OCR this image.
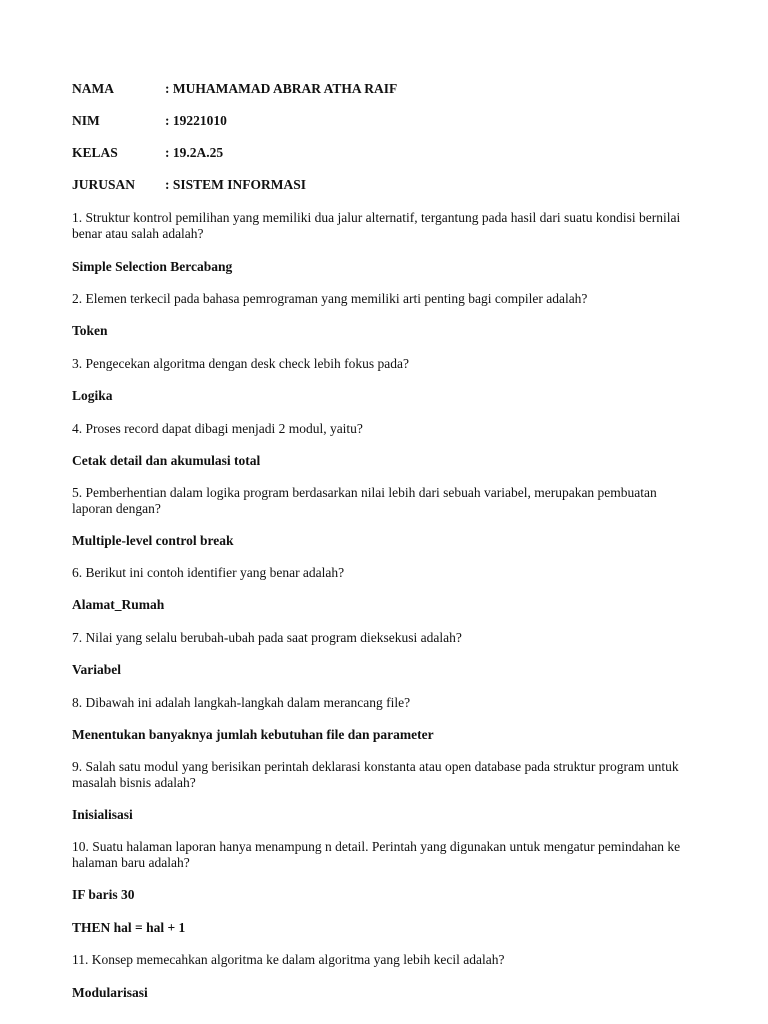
NAMA	: MUHAMAMAD ABRAR ATHA RAIF
NIM	: 19221010
KELAS	: 19.2A.25
JURUSAN : SISTEM INFORMASI
1. Struktur kontrol pemilihan yang memiliki dua jalur alternatif, tergantung pada hasil dari suatu kondisi bernilai benar atau salah adalah?
Simple Selection Bercabang
2. Elemen terkecil pada bahasa pemrograman yang memiliki arti penting bagi compiler adalah?
Token
3. Pengecekan algoritma dengan desk check lebih fokus pada?
Logika
4. Proses record dapat dibagi menjadi 2 modul, yaitu?
Cetak detail dan akumulasi total
5. Pemberhentian dalam logika program berdasarkan nilai lebih dari sebuah variabel, merupakan pembuatan laporan dengan?
Multiple-level control break
6. Berikut ini contoh identifier yang benar adalah?
Alamat_Rumah
7. Nilai yang selalu berubah-ubah pada saat program dieksekusi adalah?
Variabel
8. Dibawah ini adalah langkah-langkah dalam merancang file?
Menentukan banyaknya jumlah kebutuhan file dan parameter
9. Salah satu modul yang berisikan perintah deklarasi konstanta atau open database pada struktur program untuk masalah bisnis adalah?
Inisialisasi
10. Suatu halaman laporan hanya menampung n detail. Perintah yang digunakan untuk mengatur pemindahan ke halaman baru adalah?
IF baris 30
THEN hal = hal + 1
11. Konsep memecahkan algoritma ke dalam algoritma yang lebih kecil adalah?
Modularisasi
